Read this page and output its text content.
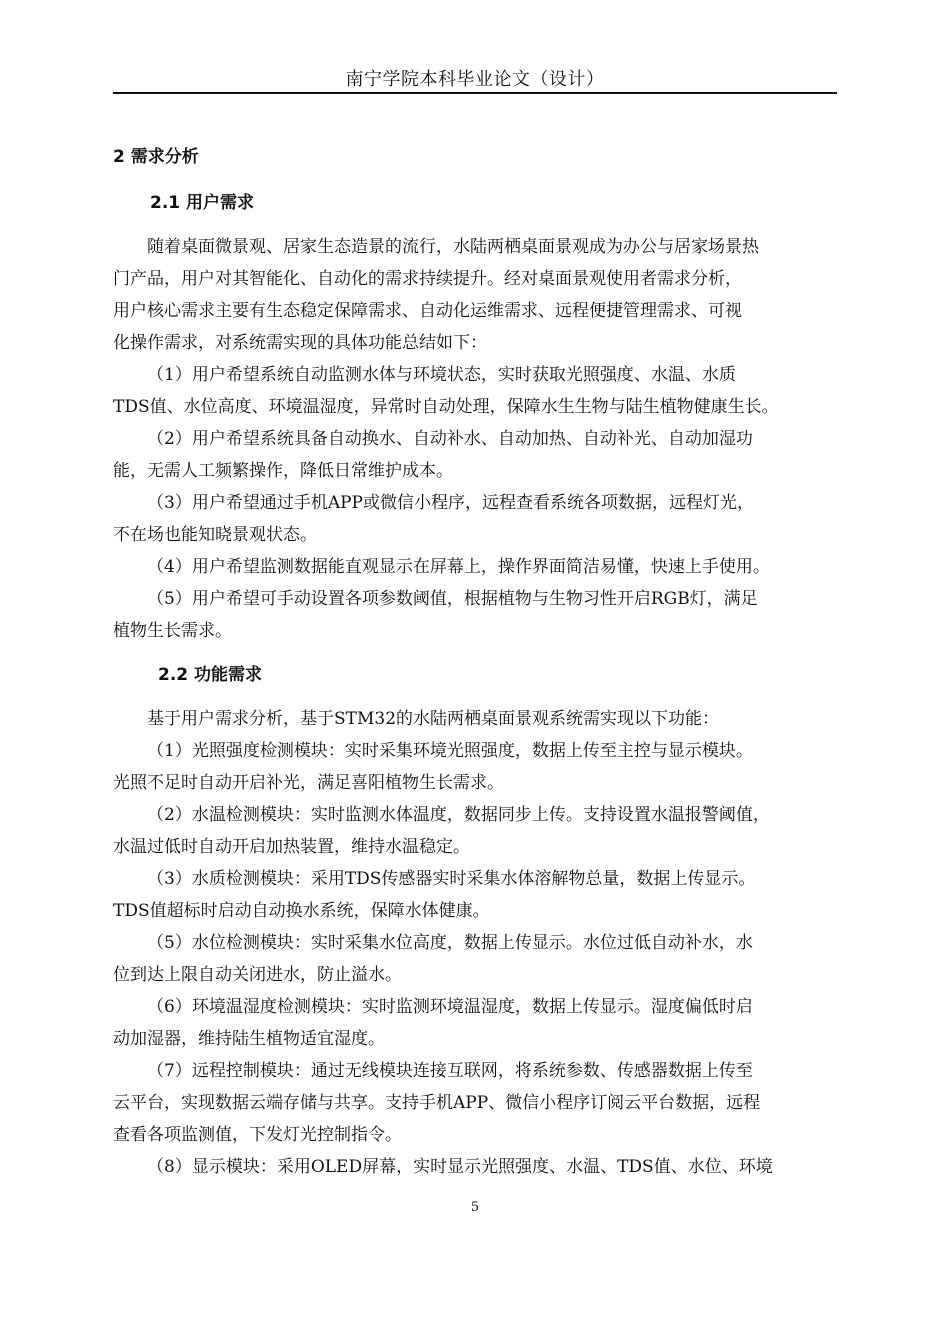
南宁学院本科毕业论文（设计）
2 需求分析
2.1 用户需求
随着桌面微景观、居家生态造景的流行，水陆两栖桌面景观成为办公与居家场景热
门产品，用户对其智能化、自动化的需求持续提升。经对桌面景观使用者需求分析，
用户核心需求主要有生态稳定保障需求、自动化运维需求、远程便捷管理需求、可视
化操作需求，对系统需实现的具体功能总结如下：
（1）用户希望系统自动监测水体与环境状态，实时获取光照强度、水温、水质
TDS值、水位高度、环境温湿度，异常时自动处理，保障水生生物与陆生植物健康生长。
（2）用户希望系统具备自动换水、自动补水、自动加热、自动补光、自动加湿功
能，无需人工频繁操作，降低日常维护成本。
（3）用户希望通过手机APP或微信小程序，远程查看系统各项数据，远程灯光，
不在场也能知晓景观状态。
（4）用户希望监测数据能直观显示在屏幕上，操作界面简洁易懂，快速上手使用。
（5）用户希望可手动设置各项参数阈值，根据植物与生物习性开启RGB灯，满足
植物生长需求。
2.2 功能需求
基于用户需求分析，基于STM32的水陆两栖桌面景观系统需实现以下功能：
（1）光照强度检测模块：实时采集环境光照强度，数据上传至主控与显示模块。
光照不足时自动开启补光，满足喜阳植物生长需求。
（2）水温检测模块：实时监测水体温度，数据同步上传。支持设置水温报警阈值，
水温过低时自动开启加热装置，维持水温稳定。
（3）水质检测模块：采用TDS传感器实时采集水体溶解物总量，数据上传显示。
TDS值超标时启动自动换水系统，保障水体健康。
（5）水位检测模块：实时采集水位高度，数据上传显示。水位过低自动补水，水
位到达上限自动关闭进水，防止溢水。
（6）环境温湿度检测模块：实时监测环境温湿度，数据上传显示。湿度偏低时启
动加湿器，维持陆生植物适宜湿度。
（7）远程控制模块：通过无线模块连接互联网，将系统参数、传感器数据上传至
云平台，实现数据云端存储与共享。支持手机APP、微信小程序订阅云平台数据，远程
查看各项监测值，下发灯光控制指令。
（8）显示模块：采用OLED屏幕，实时显示光照强度、水温、TDS值、水位、环境
5
